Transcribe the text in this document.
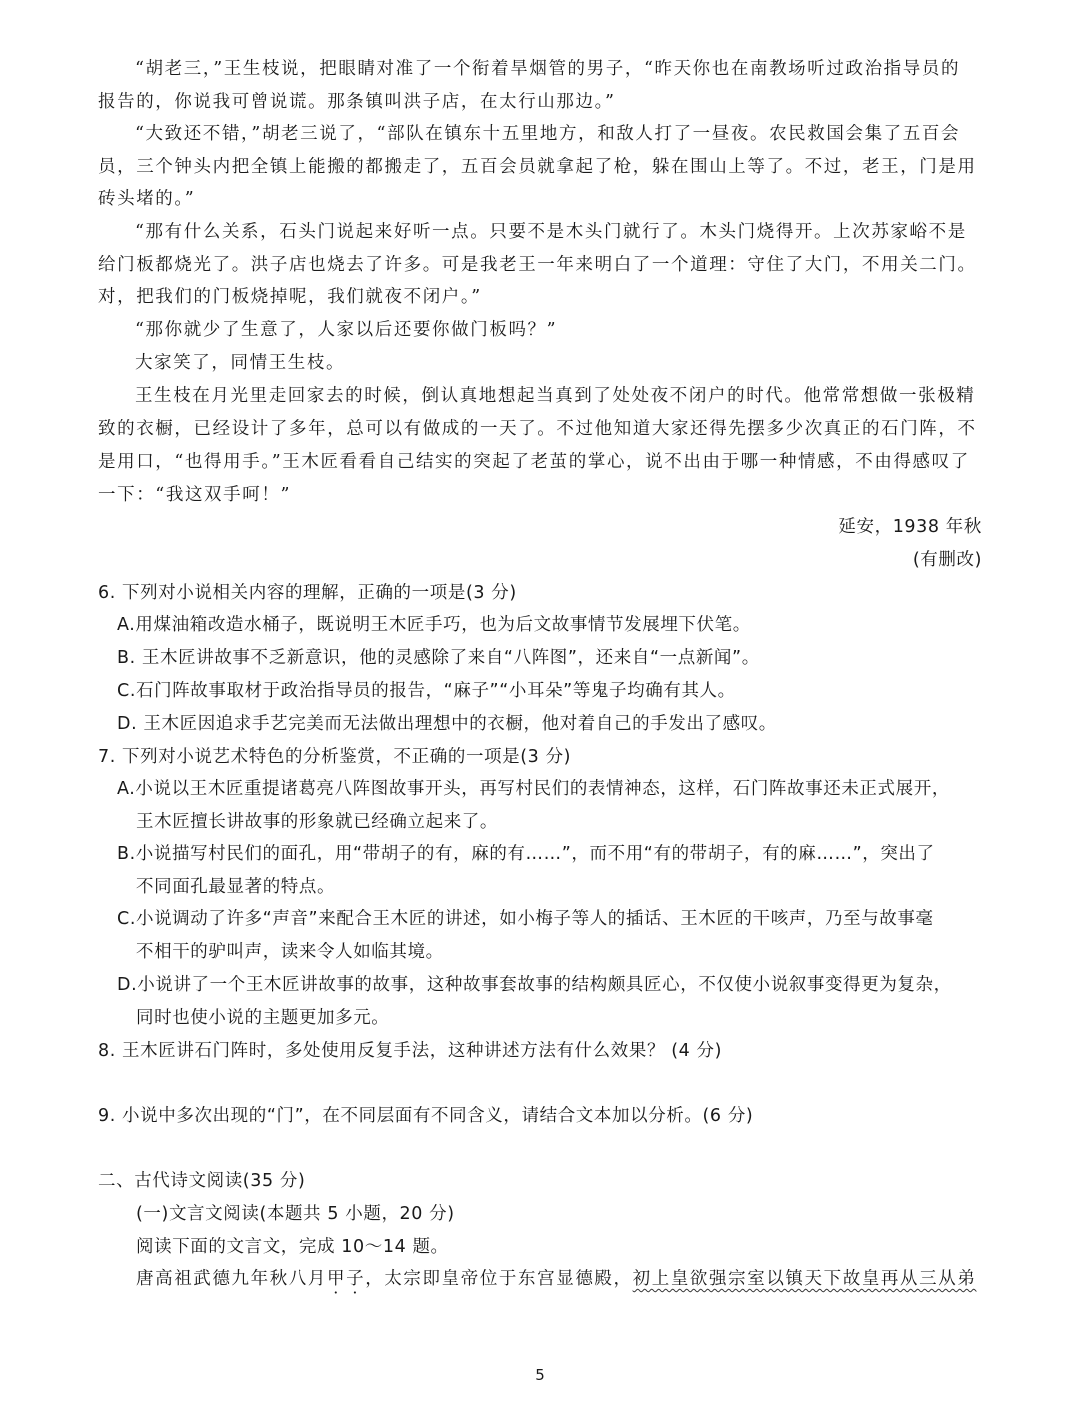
“胡老三，”王生枝说，把眼睛对准了一个衔着旱烟管的男子，“昨天你也在南教场听过政治指导员的
报告的，你说我可曾说谎。那条镇叫洪子店，在太行山那边。”
“大致还不错，”胡老三说了，“部队在镇东十五里地方，和敌人打了一昼夜。农民救国会集了五百会
员，三个钟头内把全镇上能搬的都搬走了，五百会员就拿起了枪，躲在围山上等了。不过，老王，门是用
砖头堵的。”
“那有什么关系，石头门说起来好听一点。只要不是木头门就行了。木头门烧得开。上次苏家峪不是
给门板都烧光了。洪子店也烧去了许多。可是我老王一年来明白了一个道理：守住了大门，不用关二门。
对，把我们的门板烧掉呢，我们就夜不闭户。”
“那你就少了生意了，人家以后还要你做门板吗？”
大家笑了，同情王生枝。
王生枝在月光里走回家去的时候，倒认真地想起当真到了处处夜不闭户的时代。他常常想做一张极精
致的衣橱，已经设计了多年，总可以有做成的一天了。不过他知道大家还得先摆多少次真正的石门阵，不
是用口，“也得用手。”王木匠看看自己结实的突起了老茧的掌心，说不出由于哪一种情感，不由得感叹了
一下：“我这双手呵！”
延安，1938 年秋
(有删改)
6. 下列对小说相关内容的理解，正确的一项是(3 分)
A.用煤油箱改造水桶子，既说明王木匠手巧，也为后文故事情节发展埋下伏笔。
B. 王木匠讲故事不乏新意识，他的灵感除了来自“八阵图”，还来自“一点新闻”。
C.石门阵故事取材于政治指导员的报告，“麻子”“小耳朵”等鬼子均确有其人。
D. 王木匠因追求手艺完美而无法做出理想中的衣橱，他对着自己的手发出了感叹。
7. 下列对小说艺术特色的分析鉴赏，不正确的一项是(3 分)
A.小说以王木匠重提诸葛亮八阵图故事开头，再写村民们的表情神态，这样，石门阵故事还未正式展开，
王木匠擅长讲故事的形象就已经确立起来了。
B.小说描写村民们的面孔，用“带胡子的有，麻的有……”，而不用“有的带胡子，有的麻……”，突出了
不同面孔最显著的特点。
C.小说调动了许多“声音”来配合王木匠的讲述，如小梅子等人的插话、王木匠的干咳声，乃至与故事毫
不相干的驴叫声，读来令人如临其境。
D.小说讲了一个王木匠讲故事的故事，这种故事套故事的结构颇具匠心，不仅使小说叙事变得更为复杂，
同时也使小说的主题更加多元。
8. 王木匠讲石门阵时，多处使用反复手法，这种讲述方法有什么效果？ (4 分)
9. 小说中多次出现的“门”，在不同层面有不同含义，请结合文本加以分析。(6 分)
二、古代诗文阅读(35 分)
(一)文言文阅读(本题共 5 小题，20 分)
阅读下面的文言文，完成 10～14 题。
唐高祖武德九年秋八月甲子，太宗即皇帝位于东宫显德殿，初上皇欲强宗室以镇天下故皇再从三从弟
5
